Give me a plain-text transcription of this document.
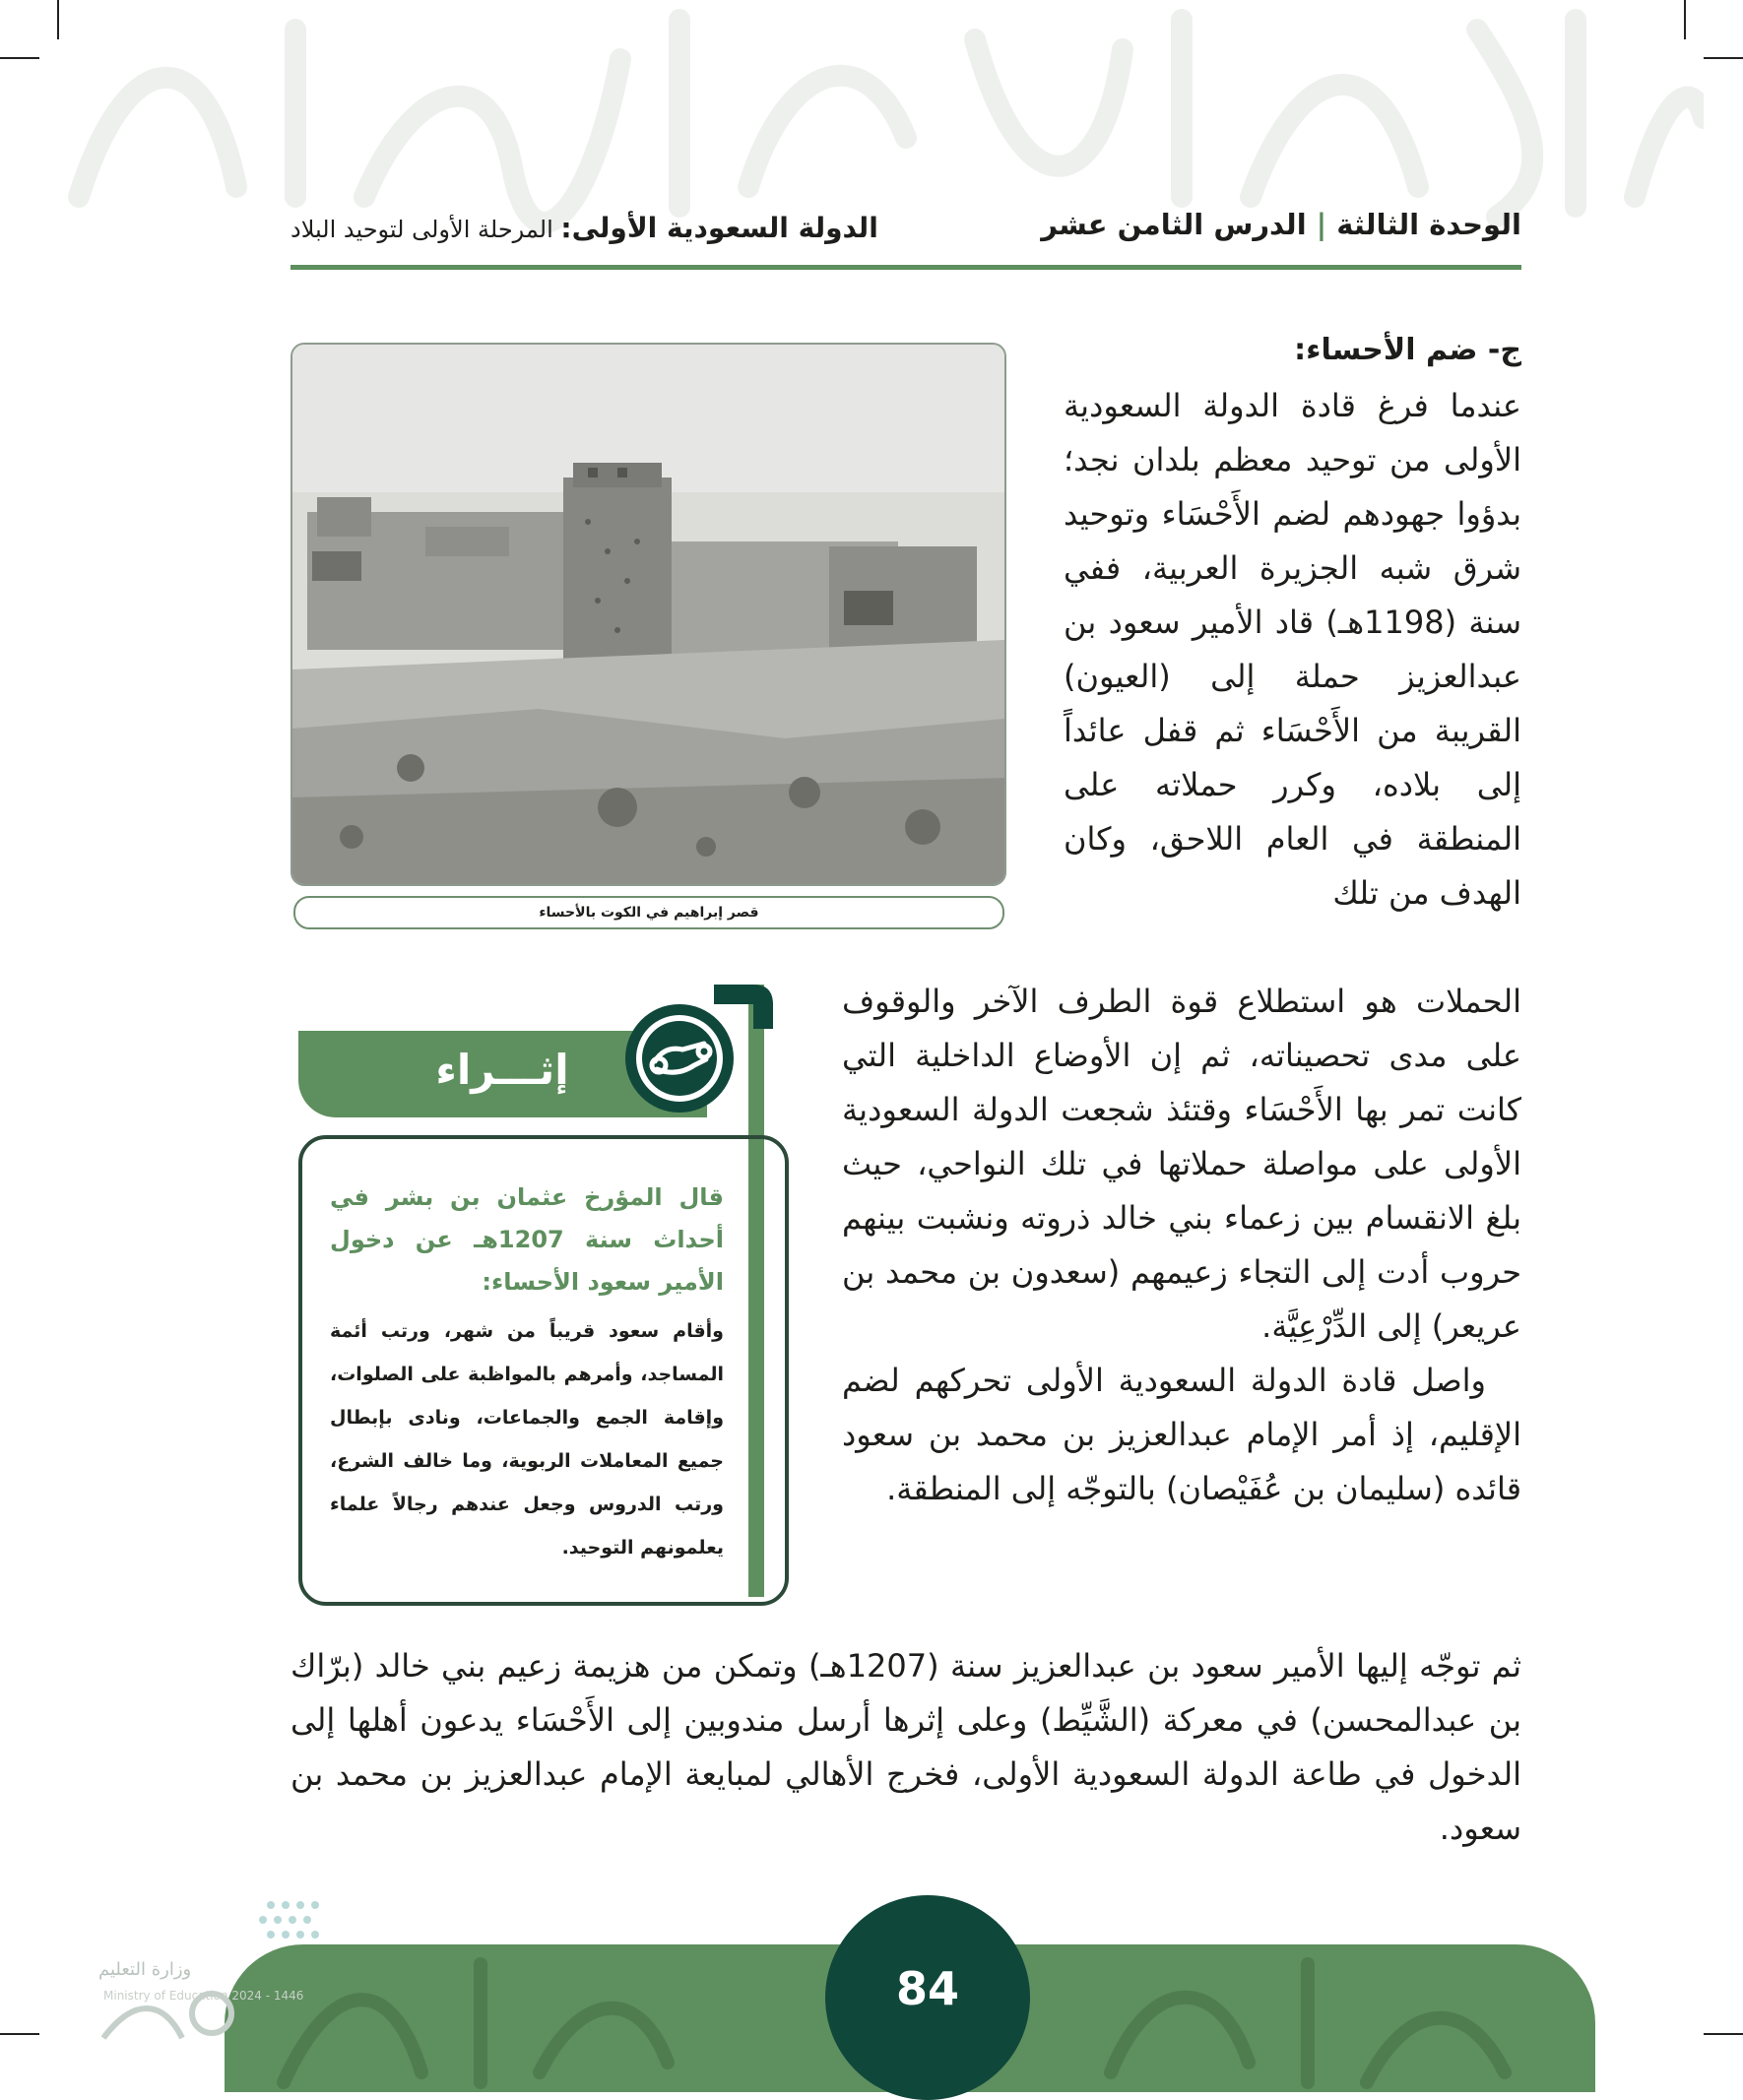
الوحدة الثالثة|الدرس الثامن عشر
الدولة السعودية الأولى: المرحلة الأولى لتوحيد البلاد
قصر إبراهيم في الكوت بالأحساء
ج- ضم الأحساء:

عندما فرغ قادة الدولة السعودية الأولى من توحيد معظم بلدان نجد؛ بدؤوا جهودهم لضم الأَحْسَاء وتوحيد شرق شبه الجزيرة العربية، ففي سنة (1198هـ) قاد الأمير سعود بن عبدالعزيز حملة إلى (العيون) القريبة من الأَحْسَاء ثم قفل عائداً إلى بلاده، وكرر حملاته على المنطقة في العام اللاحق، وكان الهدف من تلك

الحملات هو استطلاع قوة الطرف الآخر والوقوف على مدى تحصيناته، ثم إن الأوضاع الداخلية التي كانت تمر بها الأَحْسَاء وقتئذ شجعت الدولة السعودية الأولى على مواصلة حملاتها في تلك النواحي، حيث بلغ الانقسام بين زعماء بني خالد ذروته ونشبت بينهم حروب أدت إلى التجاء زعيمهم (سعدون بن محمد بن عريعر) إلى الدِّرْعِيَّة.
واصل قادة الدولة السعودية الأولى تحركهم لضم الإقليم، إذ أمر الإمام عبدالعزيز بن محمد بن سعود قائده (سليمان بن عُفَيْصان) بالتوجّه إلى المنطقة.

ثم توجّه إليها الأمير سعود بن عبدالعزيز سنة (1207هـ) وتمكن من هزيمة زعيم بني خالد (برّاك بن عبدالمحسن) في معركة (الشَّيِّط) وعلى إثرها أرسل مندوبين إلى الأَحْسَاء يدعون أهلها إلى الدخول في طاعة الدولة السعودية الأولى، فخرج الأهالي لمبايعة الإمام عبدالعزيز بن محمد بن سعود.

إثـــراء
قال المؤرخ عثمان بن بشر في أحداث سنة 1207هـ عن دخول الأمير سعود الأحساء:
وأقام سعود قريباً من شهر، ورتب أئمة المساجد، وأمرهم بالمواظبة على الصلوات، وإقامة الجمع والجماعات، ونادى بإبطال جميع المعاملات الربوية، وما خالف الشرع، ورتب الدروس وجعل عندهم رجالاً علماء يعلمونهم التوحيد.
84
وزارة التعليم
Ministry of Education 2024 - 1446
